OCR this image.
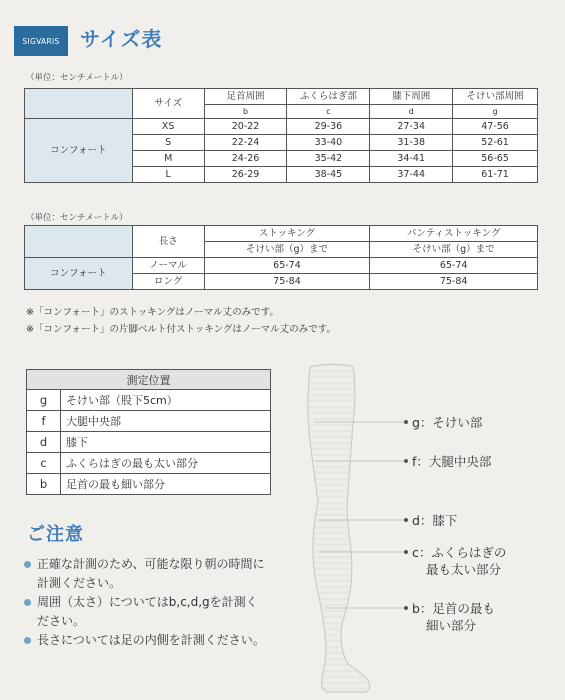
SIGVARIS	サイズ表
（単位：センチメートル）
	サイズ	足首周囲	ふくらはぎ部	膝下周囲	そけい部周囲
		b	c	d	g
コンフォート	XS	20-22	29-36	27-34	47-56
	S	22-24	33-40	31-38	52-61
	M	24-26	35-42	34-41	56-65
	L	26-29	38-45	37-44	61-71
（単位：センチメートル）
	長さ	ストッキング	パンティストッキング
		そけい部（g）まで	そけい部（g）まで
コンフォート	ノーマル	65-74	65-74
	ロング	75-84	75-84
※「コンフォート」のストッキングはノーマル丈のみです。
※「コンフォート」の片脚ベルト付ストッキングはノーマル丈のみです。
測定位置	
g	そけい部（股下5cm）
f	大腿中央部
d	膝下
c	ふくらはぎの最も太い部分
b	足首の最も細い部分
ご注意
正確な計測のため、可能な限り朝の時間に計測ください。
周囲（太さ）についてはb,c,d,gを計測ください。
長さについては足の内側を計測ください。
g：そけい部
f：大腿中央部
d：膝下
c：ふくらはぎの
最も太い部分
b：足首の最も
細い部分
